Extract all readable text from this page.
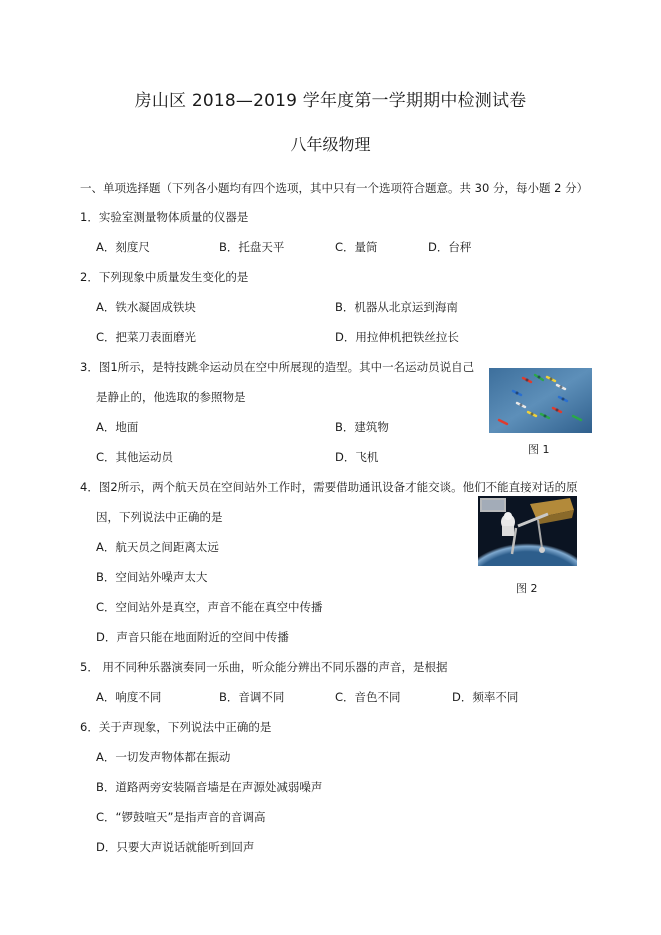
房山区 2018—2019 学年度第一学期期中检测试卷
八年级物理
一、单项选择题（下列各小题均有四个选项，其中只有一个选项符合题意。共 30 分，每小题 2 分）
1．实验室测量物体质量的仪器是
A．刻度尺	B．托盘天平	C．量筒	D．台秤
2．下列现象中质量发生变化的是
A．铁水凝固成铁块	B．机器从北京运到海南
C．把菜刀表面磨光	D．用拉伸机把铁丝拉长
3．图1所示，是特技跳伞运动员在空中所展现的造型。其中一名运动员说自己
是静止的，他选取的参照物是
A．地面	B．建筑物
C．其他运动员	D．飞机
图 1
4．图2所示，两个航天员在空间站外工作时，需要借助通讯设备才能交谈。他们不能直接对话的原
因，下列说法中正确的是
A．航天员之间距离太远
B．空间站外噪声太大
C．空间站外是真空，声音不能在真空中传播
D．声音只能在地面附近的空间中传播
图 2
5． 用不同种乐器演奏同一乐曲，听众能分辨出不同乐器的声音，是根据
A．响度不同	B．音调不同	C．音色不同	D．频率不同
6．关于声现象，下列说法中正确的是
A．一切发声物体都在振动
B．道路两旁安装隔音墙是在声源处减弱噪声
C．“锣鼓喧天”是指声音的音调高
D．只要大声说话就能听到回声
